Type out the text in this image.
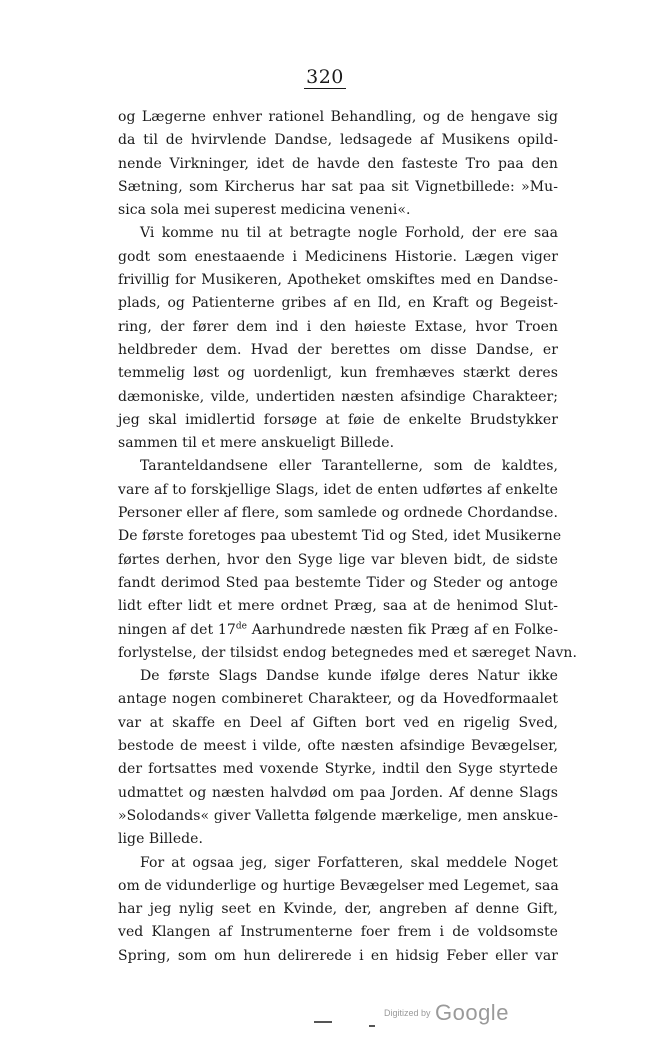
320

og Lægerne enhver rationel Behandling, og de hengave sig
da til de hvirvlende Dandse, ledsagede af Musikens opild-
nende Virkninger, idet de havde den fasteste Tro paa den
Sætning, som Kircherus har sat paa sit Vignetbillede: »Mu-
sica sola mei superest medicina veneni«.

Vi komme nu til at betragte nogle Forhold, der ere saa
godt som enestaaende i Medicinens Historie. Lægen viger
frivillig for Musikeren, Apotheket omskiftes med en Dandse-
plads, og Patienterne gribes af en Ild, en Kraft og Begeist-
ring, der fører dem ind i den høieste Extase, hvor Troen
heldbreder dem. Hvad der berettes om disse Dandse, er
temmelig løst og uordenligt, kun fremhæves stærkt deres
dæmoniske, vilde, undertiden næsten afsindige Charakteer;
jeg skal imidlertid forsøge at føie de enkelte Brudstykker
sammen til et mere anskueligt Billede.

Taranteldandsene eller Tarantellerne, som de kaldtes,
vare af to forskjellige Slags, idet de enten udførtes af enkelte
Personer eller af flere, som samlede og ordnede Chordandse.
De første foretoges paa ubestemt Tid og Sted, idet Musikerne
førtes derhen, hvor den Syge lige var bleven bidt, de sidste
fandt derimod Sted paa bestemte Tider og Steder og antoge
lidt efter lidt et mere ordnet Præg, saa at de henimod Slut-
ningen af det 17de Aarhundrede næsten fik Præg af en Folke-
forlystelse, der tilsidst endog betegnedes med et særeget Navn.

De første Slags Dandse kunde ifølge deres Natur ikke
antage nogen combineret Charakteer, og da Hovedformaalet
var at skaffe en Deel af Giften bort ved en rigelig Sved,
bestode de meest i vilde, ofte næsten afsindige Bevægelser,
der fortsattes med voxende Styrke, indtil den Syge styrtede
udmattet og næsten halvdød om paa Jorden. Af denne Slags
»Solodands« giver Valletta følgende mærkelige, men anskue-
lige Billede.

For at ogsaa jeg, siger Forfatteren, skal meddele Noget
om de vidunderlige og hurtige Bevægelser med Legemet, saa
har jeg nylig seet en Kvinde, der, angreben af denne Gift,
ved Klangen af Instrumenterne foer frem i de voldsomste
Spring, som om hun delirerede i en hidsig Feber eller var

Digitized by Google
